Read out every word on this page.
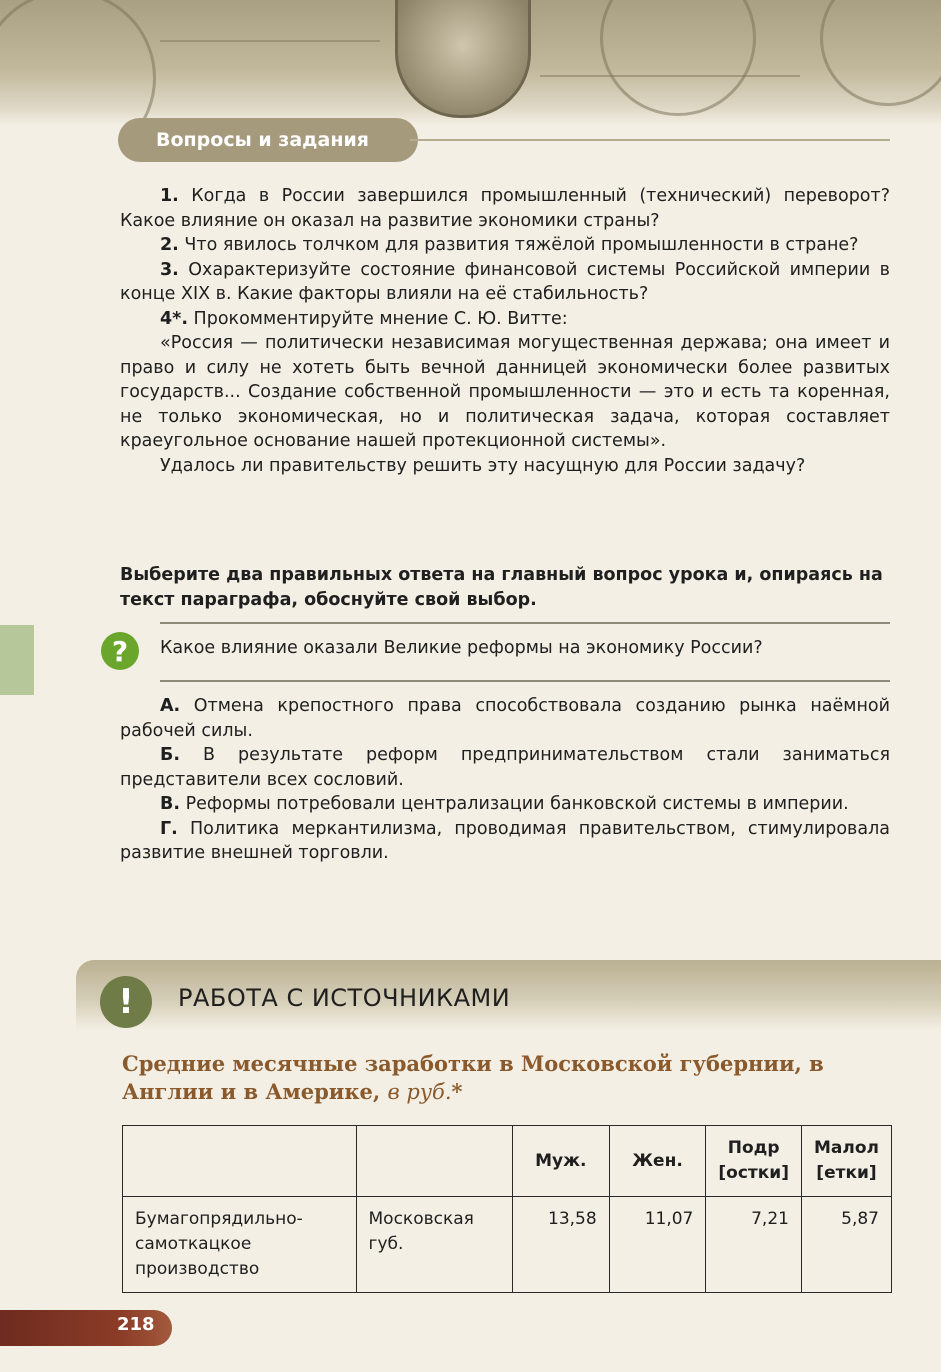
Вопросы и задания

1. Когда в России завершился промышленный (технический) переворот? Какое влияние он оказал на развитие экономики страны?

2. Что явилось толчком для развития тяжёлой промышленности в стране?

3. Охарактеризуйте состояние финансовой системы Российской империи в конце XIX в. Какие факторы влияли на её стабильность?

4*. Прокомментируйте мнение С. Ю. Витте:

«Россия — политически независимая могущественная держава; она имеет и право и силу не хотеть быть вечной данницей экономически более развитых государств... Создание собственной промышленности — это и есть та коренная, не только экономическая, но и политическая задача, которая составляет краеугольное основание нашей протекционной системы».

Удалось ли правительству решить эту насущную для России задачу?

Выберите два правильных ответа на главный вопрос урока и, опираясь на текст параграфа, обоснуйте свой выбор.
?	Какое влияние оказали Великие реформы на экономику России?

А. Отмена крепостного права способствовала созданию рынка наёмной рабочей силы.

Б. В результате реформ предпринимательством стали заниматься представители всех сословий.

В. Реформы потребовали централизации банковской системы в империи.

Г. Политика меркантилизма, проводимая правительством, стимулировала развитие внешней торговли.

!	РАБОТА С ИСТОЧНИКАМИ
Средние месячные заработки в Московской губернии, в Англии и в Америке, в руб.*
		Муж.	Жен.	Подр [остки]	Малол [етки]
Бумагопрядильно-самоткацкое производство	Московская губ.	13,58	11,07	7,21	5,87
218
